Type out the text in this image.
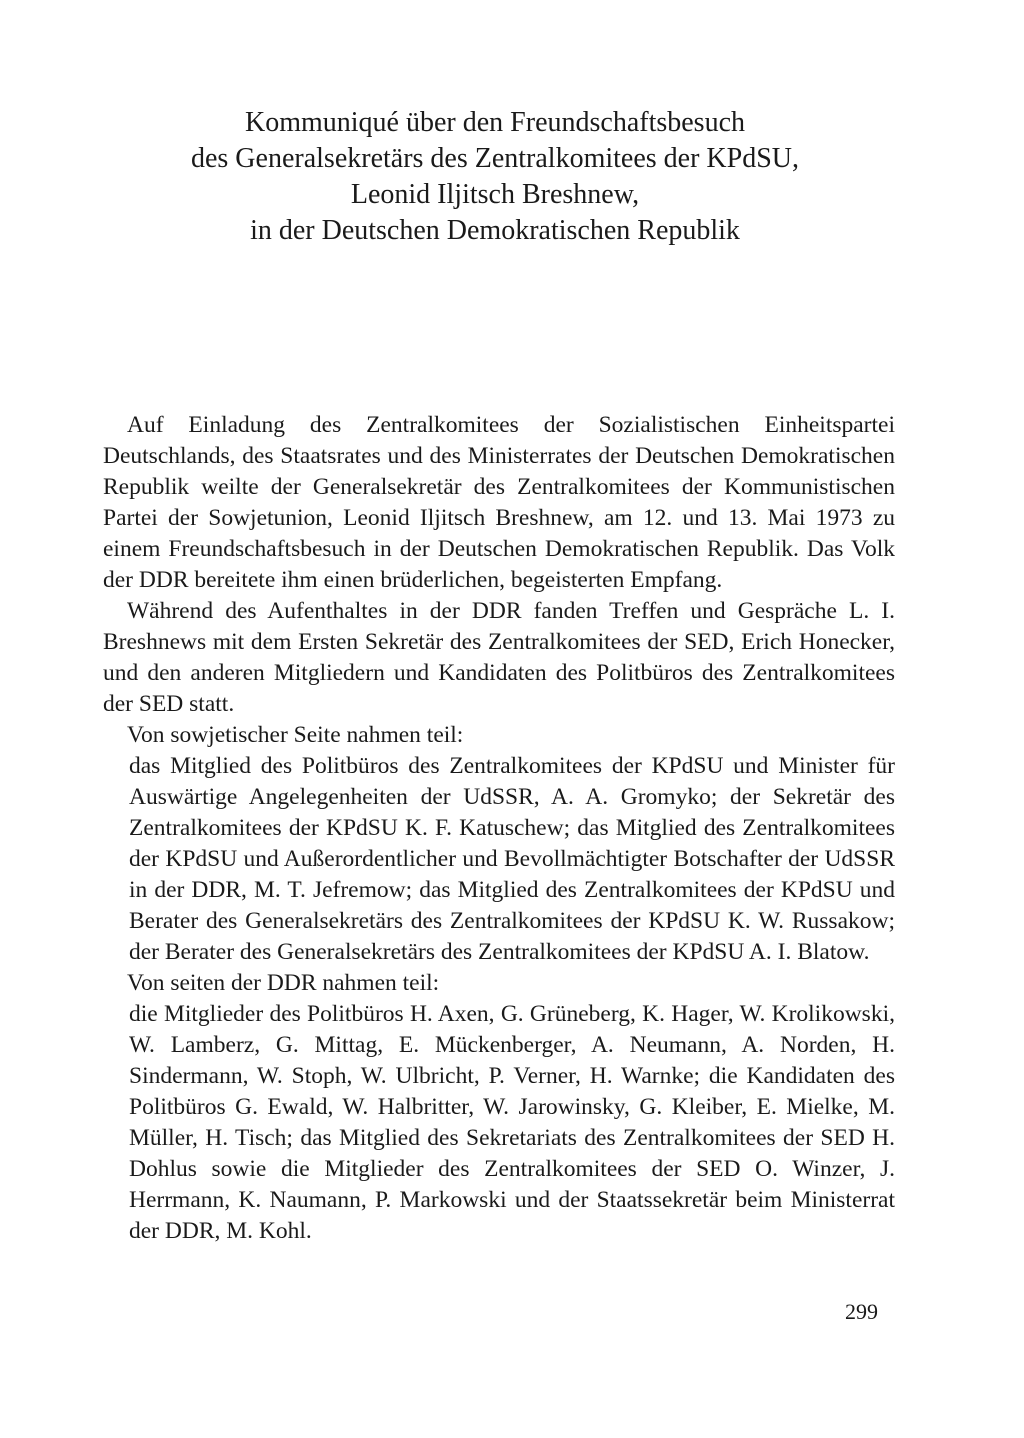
Kommuniqué über den Freundschaftsbesuch
des Generalsekretärs des Zentralkomitees der KPdSU,
Leonid Iljitsch Breshnew,
in der Deutschen Demokratischen Republik

Auf Einladung des Zentralkomitees der Sozialistischen Einheitspartei Deutschlands, des Staatsrates und des Ministerrates der Deutschen Demokratischen Republik weilte der Generalsekretär des Zentralkomitees der Kommunistischen Partei der Sowjetunion, Leonid Iljitsch Breshnew, am 12. und 13. Mai 1973 zu einem Freundschaftsbesuch in der Deutschen Demokratischen Republik. Das Volk der DDR bereitete ihm einen brüderlichen, begeisterten Empfang.

Während des Aufenthaltes in der DDR fanden Treffen und Gespräche L. I. Breshnews mit dem Ersten Sekretär des Zentralkomitees der SED, Erich Honecker, und den anderen Mitgliedern und Kandidaten des Politbüros des Zentralkomitees der SED statt.

Von sowjetischer Seite nahmen teil:

das Mitglied des Politbüros des Zentralkomitees der KPdSU und Minister für Auswärtige Angelegenheiten der UdSSR, A. A. Gromyko; der Sekretär des Zentralkomitees der KPdSU K. F. Katuschew; das Mitglied des Zentralkomitees der KPdSU und Außerordentlicher und Bevollmächtigter Botschafter der UdSSR in der DDR, M. T. Jefremow; das Mitglied des Zentralkomitees der KPdSU und Berater des Generalsekretärs des Zentralkomitees der KPdSU K. W. Russakow; der Berater des Generalsekretärs des Zentralkomitees der KPdSU A. I. Blatow.

Von seiten der DDR nahmen teil:

die Mitglieder des Politbüros H. Axen, G. Grüneberg, K. Hager, W. Krolikowski, W. Lamberz, G. Mittag, E. Mückenberger, A. Neumann, A. Norden, H. Sindermann, W. Stoph, W. Ulbricht, P. Verner, H. Warnke; die Kandidaten des Politbüros G. Ewald, W. Halbritter, W. Jarowinsky, G. Kleiber, E. Mielke, M. Müller, H. Tisch; das Mitglied des Sekretariats des Zentralkomitees der SED H. Dohlus sowie die Mitglieder des Zentralkomitees der SED O. Winzer, J. Herrmann, K. Naumann, P. Markowski und der Staatssekretär beim Ministerrat der DDR, M. Kohl.

299
